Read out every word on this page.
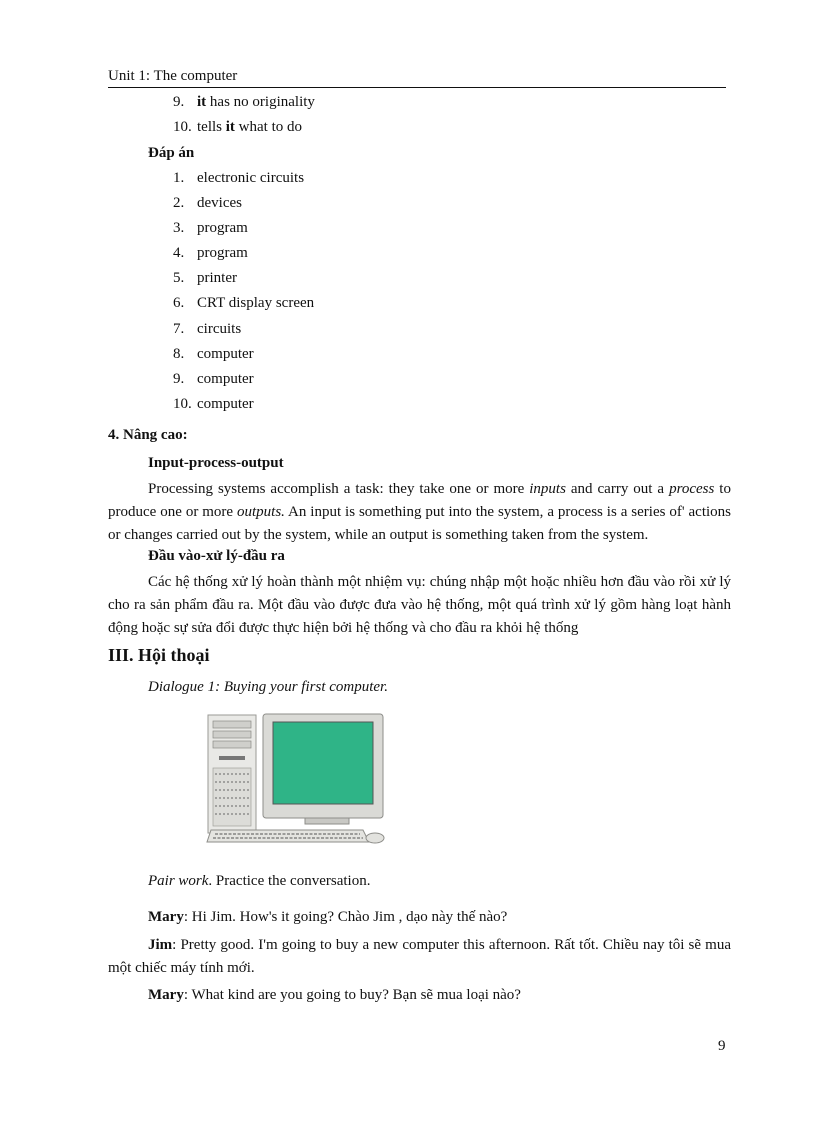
Unit 1: The computer
9. it has no originality
10. tells it what to do
Đáp án
1. electronic circuits
2. devices
3. program
4. program
5. printer
6. CRT display screen
7. circuits
8. computer
9. computer
10. computer
4. Nâng cao:
Input-process-output
Processing systems accomplish a task: they take one or more inputs and carry out a process to produce one or more outputs. An input is something put into the system, a process is a series of' actions or changes carried out by the system, while an output is something taken from the system.
Đầu vào-xử lý-đầu ra
Các hệ thống xử lý hoàn thành một nhiệm vụ: chúng nhập một hoặc nhiều hơn đầu vào rồi xử lý cho ra sản phẩm đầu ra. Một đầu vào được đưa vào hệ thống, một quá trình xử lý gồm hàng loạt hành động hoặc sự sửa đổi được thực hiện bởi hệ thống và cho đầu ra khỏi hệ thống
III. Hội thoại
Dialogue 1: Buying your first computer.
Pair work. Practice the conversation.
Mary: Hi Jim. How's it going? Chào Jim , dạo này thế nào?
Jim: Pretty good. I'm going to buy a new computer this afternoon. Rất tốt. Chiều nay tôi sẽ mua một chiếc máy tính mới.
Mary: What kind are you going to buy? Bạn sẽ mua loại nào?
9
